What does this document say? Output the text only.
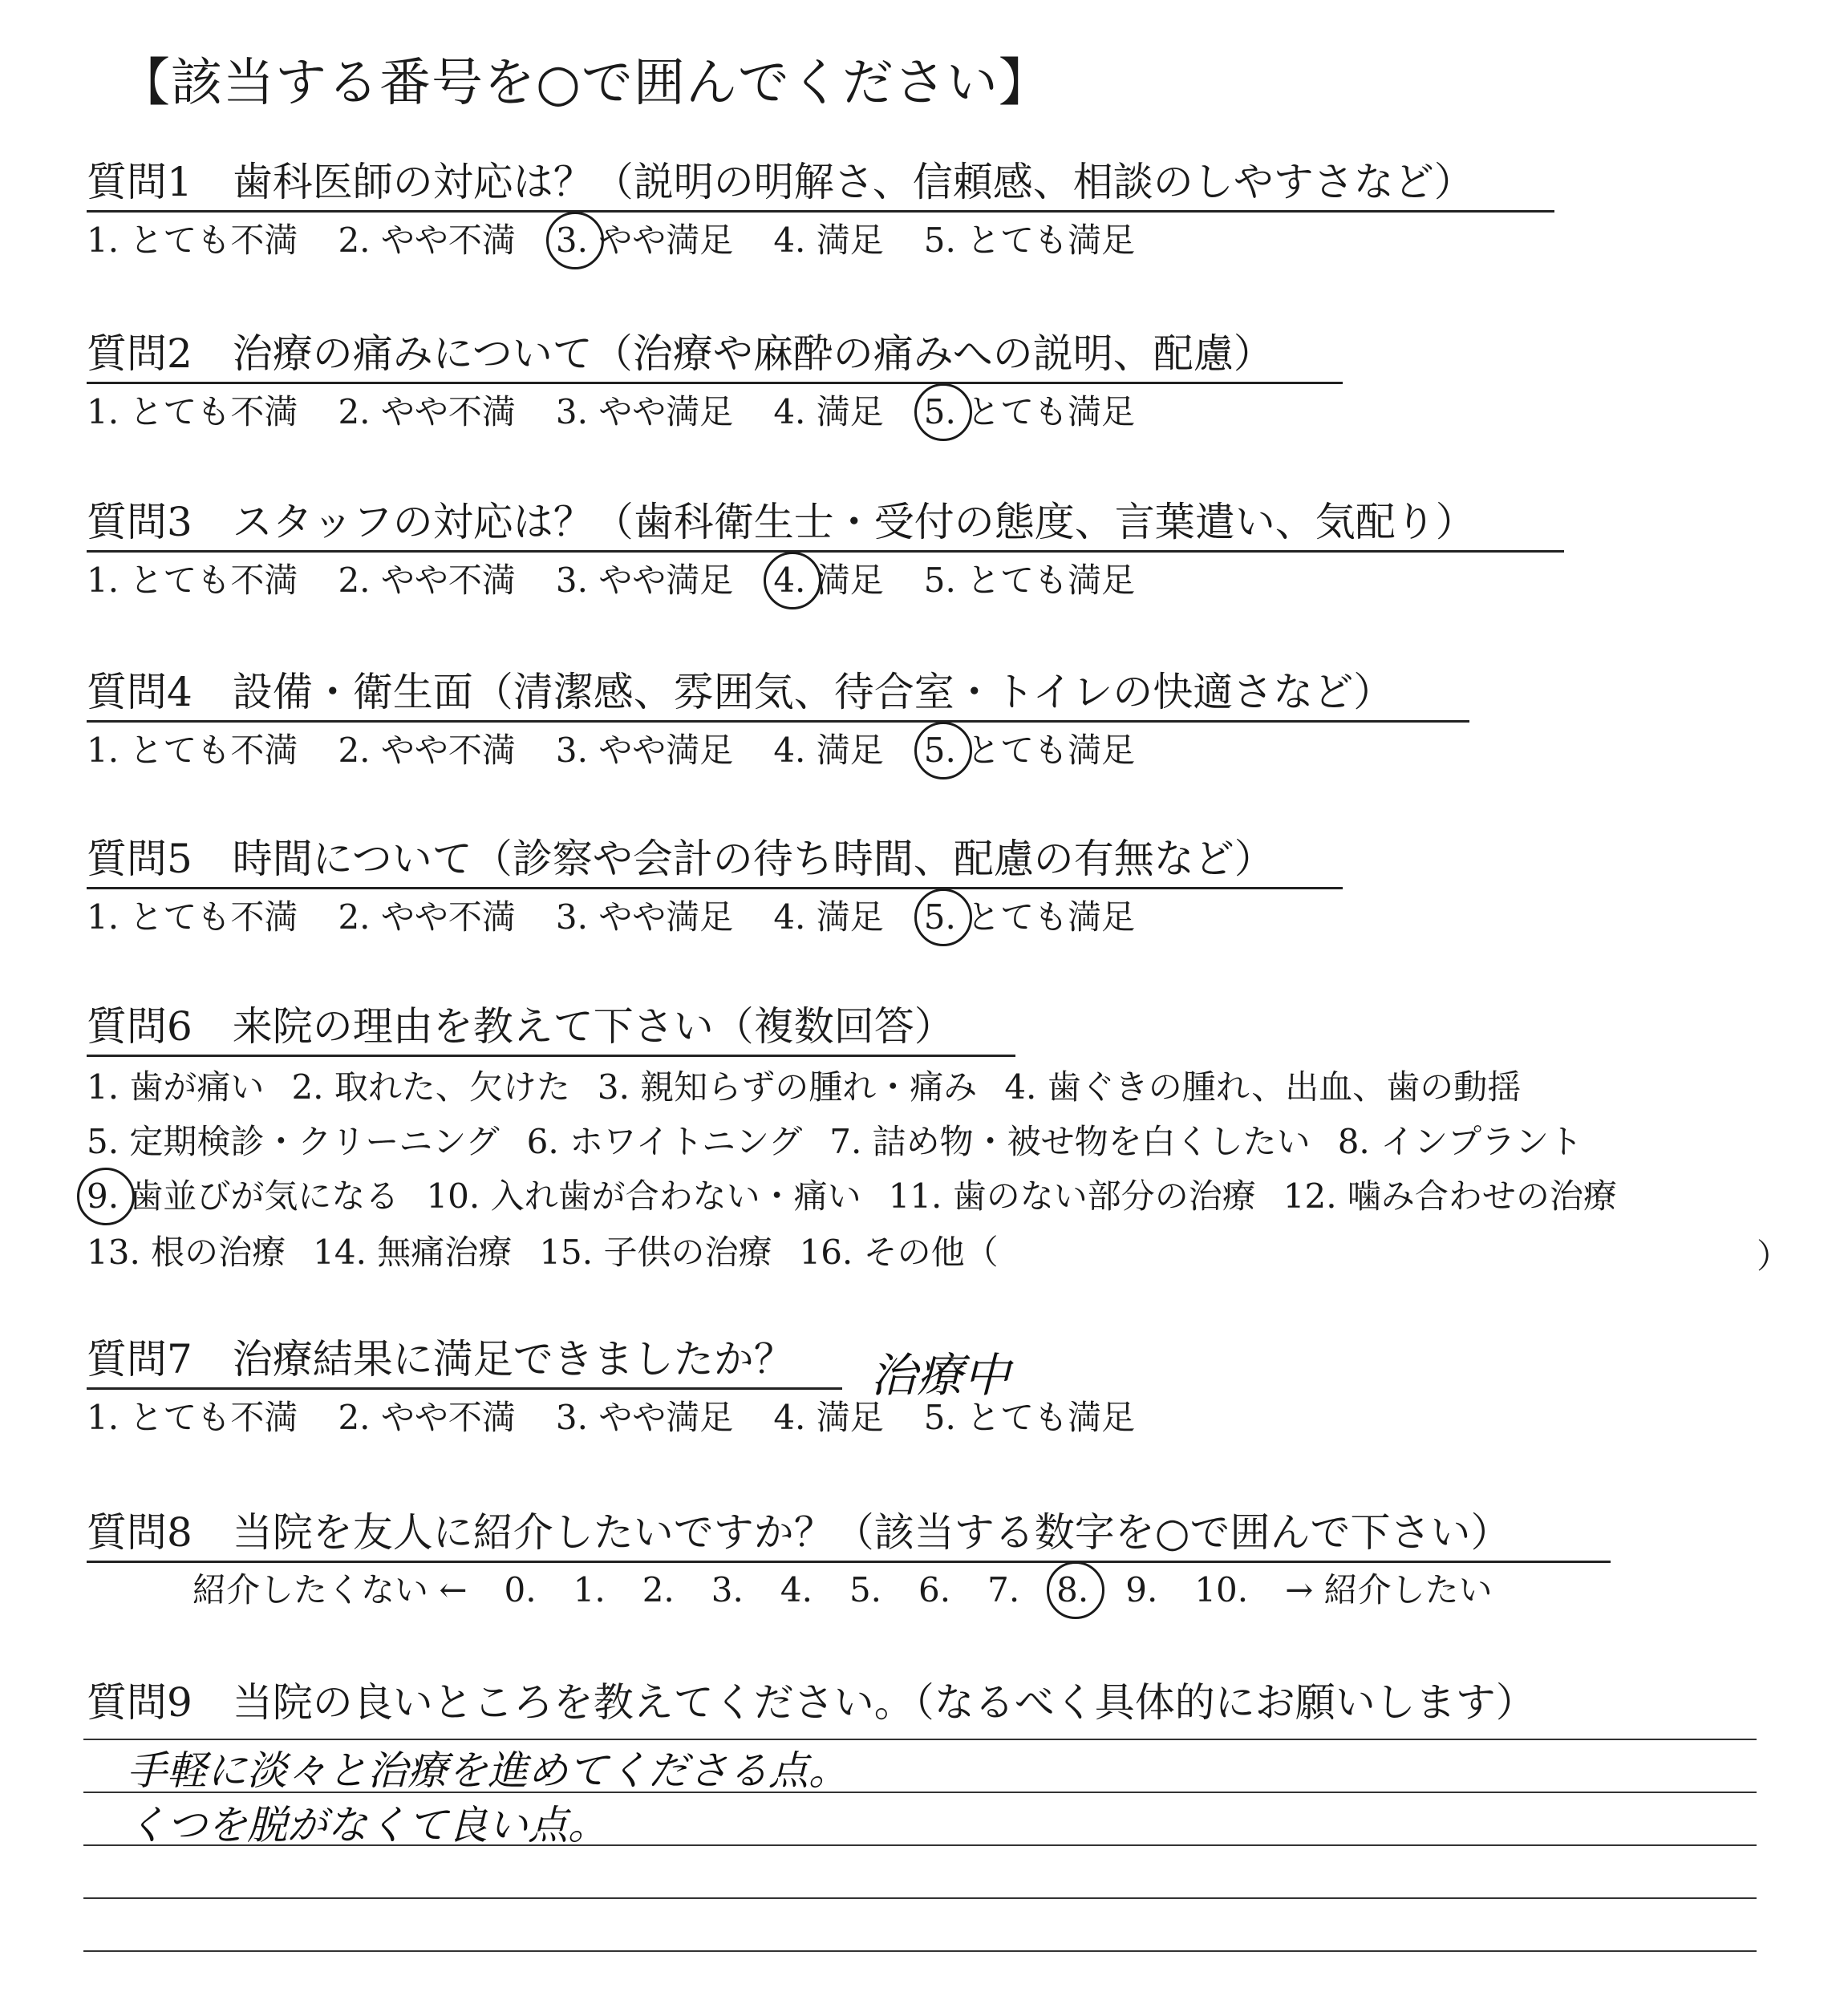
【該当する番号を○で囲んでください】
質問1　歯科医師の対応は？（説明の明解さ、信頼感、相談のしやすさなど）
1. とても不満 2. やや不満 3. やや満足 4. 満足 5. とても満足
質問2　治療の痛みについて（治療や麻酔の痛みへの説明、配慮）
1. とても不満 2. やや不満 3. やや満足 4. 満足 5. とても満足
質問3　スタッフの対応は？（歯科衛生士・受付の態度、言葉遣い、気配り）
1. とても不満 2. やや不満 3. やや満足 4. 満足 5. とても満足
質問4　設備・衛生面（清潔感、雰囲気、待合室・トイレの快適さなど）
1. とても不満 2. やや不満 3. やや満足 4. 満足 5. とても満足
質問5　時間について（診察や会計の待ち時間、配慮の有無など）
1. とても不満 2. やや不満 3. やや満足 4. 満足 5. とても満足
質問6　来院の理由を教えて下さい（複数回答）
1. 歯が痛い 2. 取れた、欠けた 3. 親知らずの腫れ・痛み 4. 歯ぐきの腫れ、出血、歯の動揺
5. 定期検診・クリーニング 6. ホワイトニング 7. 詰め物・被せ物を白くしたい 8. インプラント
9. 歯並びが気になる 10. 入れ歯が合わない・痛い 11. 歯のない部分の治療 12. 噛み合わせの治療
13. 根の治療 14. 無痛治療 15. 子供の治療 16. その他（	）
質問7　治療結果に満足できましたか？ 治療中
1. とても不満 2. やや不満 3. やや満足 4. 満足 5. とても満足
質問8　当院を友人に紹介したいですか？（該当する数字を○で囲んで下さい）
紹介したくない ← 0. 1. 2. 3. 4. 5. 6. 7. 8. 9. 10. → 紹介したい
質問9　当院の良いところを教えてください。（なるべく具体的にお願いします）
手軽に淡々と治療を進めてくださる点。
くつを脱がなくて良い点。
